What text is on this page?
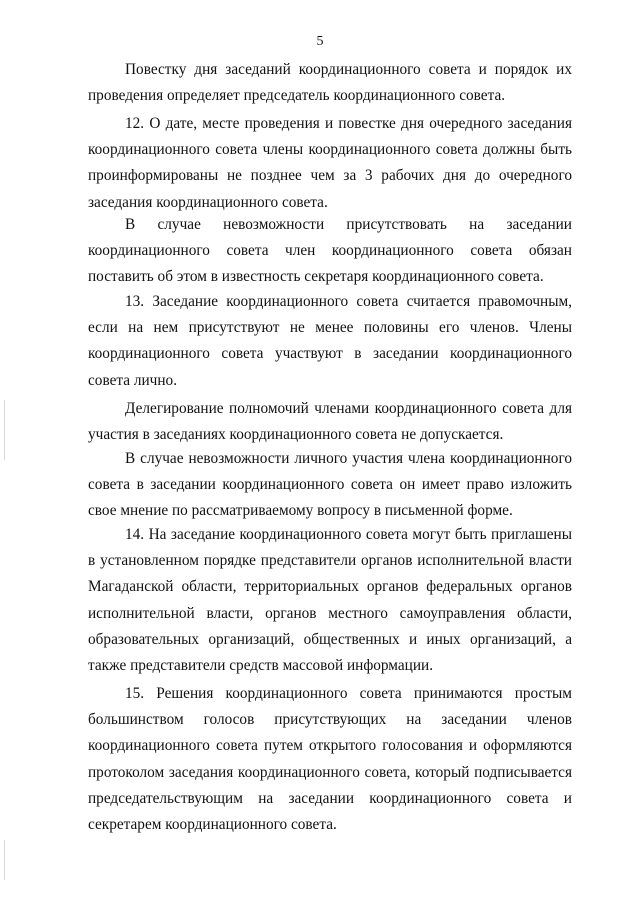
5

Повестку дня заседаний координационного совета и порядок их проведения определяет председатель координационного совета.

12. О дате, месте проведения и повестке дня очередного заседания координационного совета члены координационного совета должны быть проинформированы не позднее чем за 3 рабочих дня до очередного заседания координационного совета.

В случае невозможности присутствовать на заседании координационного совета член координационного совета обязан поставить об этом в известность секретаря координационного совета.

13. Заседание координационного совета считается правомочным, если на нем присутствуют не менее половины его членов. Члены координационного совета участвуют в заседании координационного совета лично.

Делегирование полномочий членами координационного совета для участия в заседаниях координационного совета не допускается.

В случае невозможности личного участия члена координационного совета в заседании координационного совета он имеет право изложить свое мнение по рассматриваемому вопросу в письменной форме.

14. На заседание координационного совета могут быть приглашены в установленном порядке представители органов исполнительной власти Магаданской области, территориальных органов федеральных органов исполнительной власти, органов местного самоуправления области, образовательных организаций, общественных и иных организаций, а также представители средств массовой информации.

15. Решения координационного совета принимаются простым большинством голосов присутствующих на заседании членов координационного совета путем открытого голосования и оформляются протоколом заседания координационного совета, который подписывается председательствующим на заседании координационного совета и секретарем координационного совета.
